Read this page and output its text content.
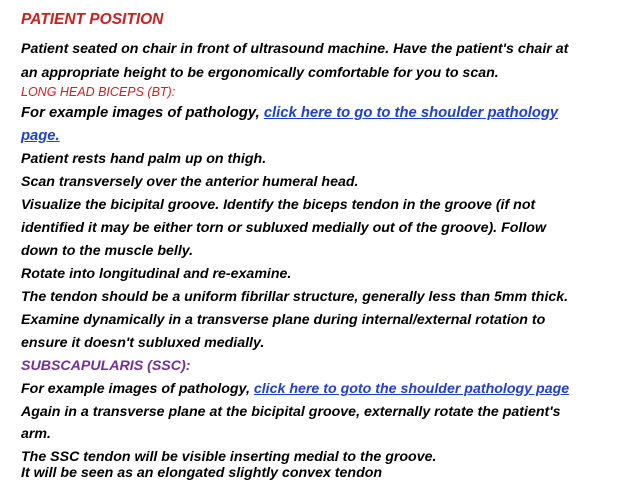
PATIENT POSITION
Patient seated on chair in front of ultrasound machine. Have the patient's chair at
an appropriate height to be ergonomically comfortable for you to scan.
LONG HEAD BICEPS (BT):
For example images of pathology, click here to go to the shoulder pathology
page.
Patient rests hand palm up on thigh.
Scan transversely over the anterior humeral head.
Visualize the bicipital groove. Identify the biceps tendon in the groove (if not
identified it may be either torn or subluxed medially out of the groove). Follow
down to the muscle belly.
Rotate into longitudinal and re-examine.
The tendon should be a uniform fibrillar structure, generally less than 5mm thick.
Examine dynamically in a transverse plane during internal/external rotation to
ensure it doesn't subluxed medially.
SUBSCAPULARIS (SSC):
For example images of pathology, click here to goto the shoulder pathology page
Again in a transverse plane at the bicipital groove, externally rotate the patient's
arm.
The SSC tendon will be visible inserting medial to the groove.
It will be seen as an elongated slightly convex tendon
